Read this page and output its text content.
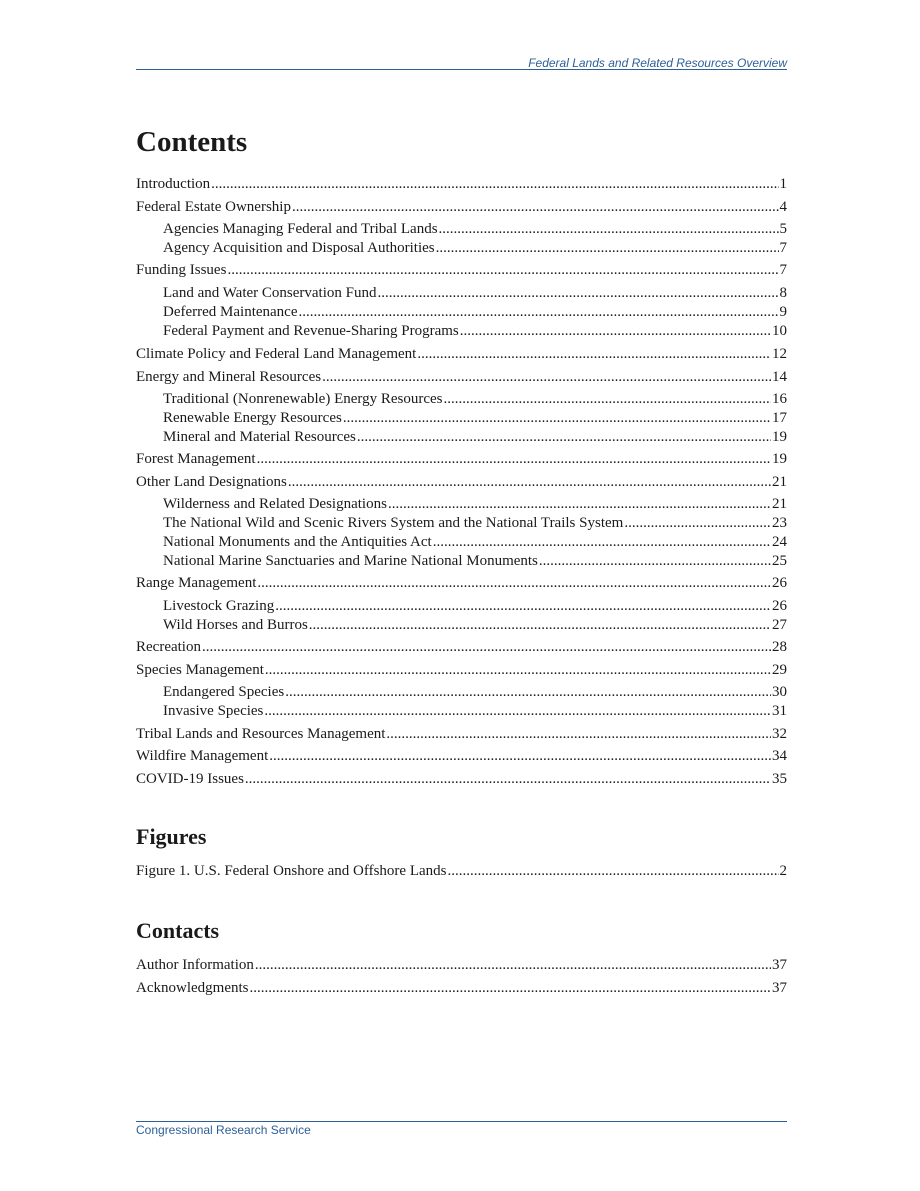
Federal Lands and Related Resources Overview
Contents
Introduction .....	1
Federal Estate Ownership .....	4
Agencies Managing Federal and Tribal Lands .....	5
Agency Acquisition and Disposal Authorities .....	7
Funding Issues .....	7
Land and Water Conservation Fund .....	8
Deferred Maintenance .....	9
Federal Payment and Revenue-Sharing Programs .....	10
Climate Policy and Federal Land Management .....	12
Energy and Mineral Resources .....	14
Traditional (Nonrenewable) Energy Resources .....	16
Renewable Energy Resources .....	17
Mineral and Material Resources .....	19
Forest Management .....	19
Other Land Designations .....	21
Wilderness and Related Designations .....	21
The National Wild and Scenic Rivers System and the National Trails System .....	23
National Monuments and the Antiquities Act .....	24
National Marine Sanctuaries and Marine National Monuments .....	25
Range Management .....	26
Livestock Grazing .....	26
Wild Horses and Burros .....	27
Recreation .....	28
Species Management .....	29
Endangered Species .....	30
Invasive Species .....	31
Tribal Lands and Resources Management .....	32
Wildfire Management .....	34
COVID-19 Issues .....	35
Figures
Figure 1. U.S. Federal Onshore and Offshore Lands .....	2
Contacts
Author Information .....	37
Acknowledgments .....	37
Congressional Research Service
